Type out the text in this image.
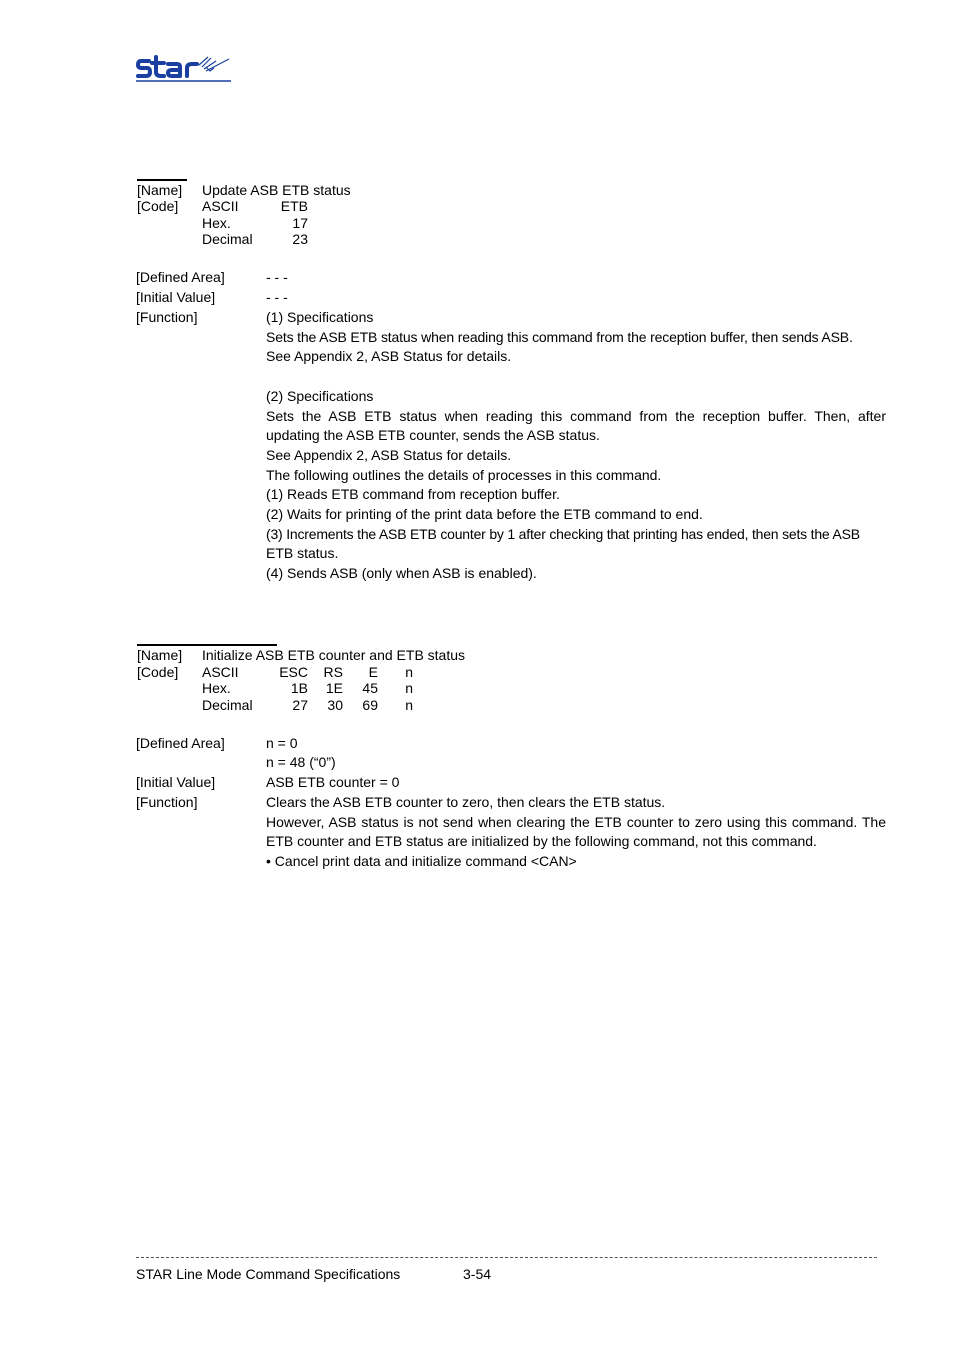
[Name] Update ASB ETB status
[Code] ASCII	ETB
Hex.	17
Decimal	23
[Defined Area]	- - -
[Initial Value]	- - -
[Function]	(1) Specifications
Sets the ASB ETB status when reading this command from the reception buffer, then sends ASB.
See Appendix 2, ASB Status for details.
(2) Specifications
Sets the ASB ETB status when reading this command from the reception buffer. Then, after
updating the ASB ETB counter, sends the ASB status.
See Appendix 2, ASB Status for details.
The following outlines the details of processes in this command.
(1) Reads ETB command from reception buffer.
(2) Waits for printing of the print data before the ETB command to end.
(3) Increments the ASB ETB counter by 1 after checking that printing has ended, then sets the ASB
ETB status.
(4) Sends ASB (only when ASB is enabled).
[Name] Initialize ASB ETB counter and ETB status
[Code] ASCII	ESC	RS	E	n
Hex.	1B	1E	45	n
Decimal	27	30	69	n
[Defined Area]	n = 0
n = 48 (“0”)
[Initial Value]	ASB ETB counter = 0
[Function]	Clears the ASB ETB counter to zero, then clears the ETB status.
However, ASB status is not send when clearing the ETB counter to zero using this command. The
ETB counter and ETB status are initialized by the following command, not this command.
• Cancel print data and initialize command <CAN>
STAR Line Mode Command Specifications	3-54
